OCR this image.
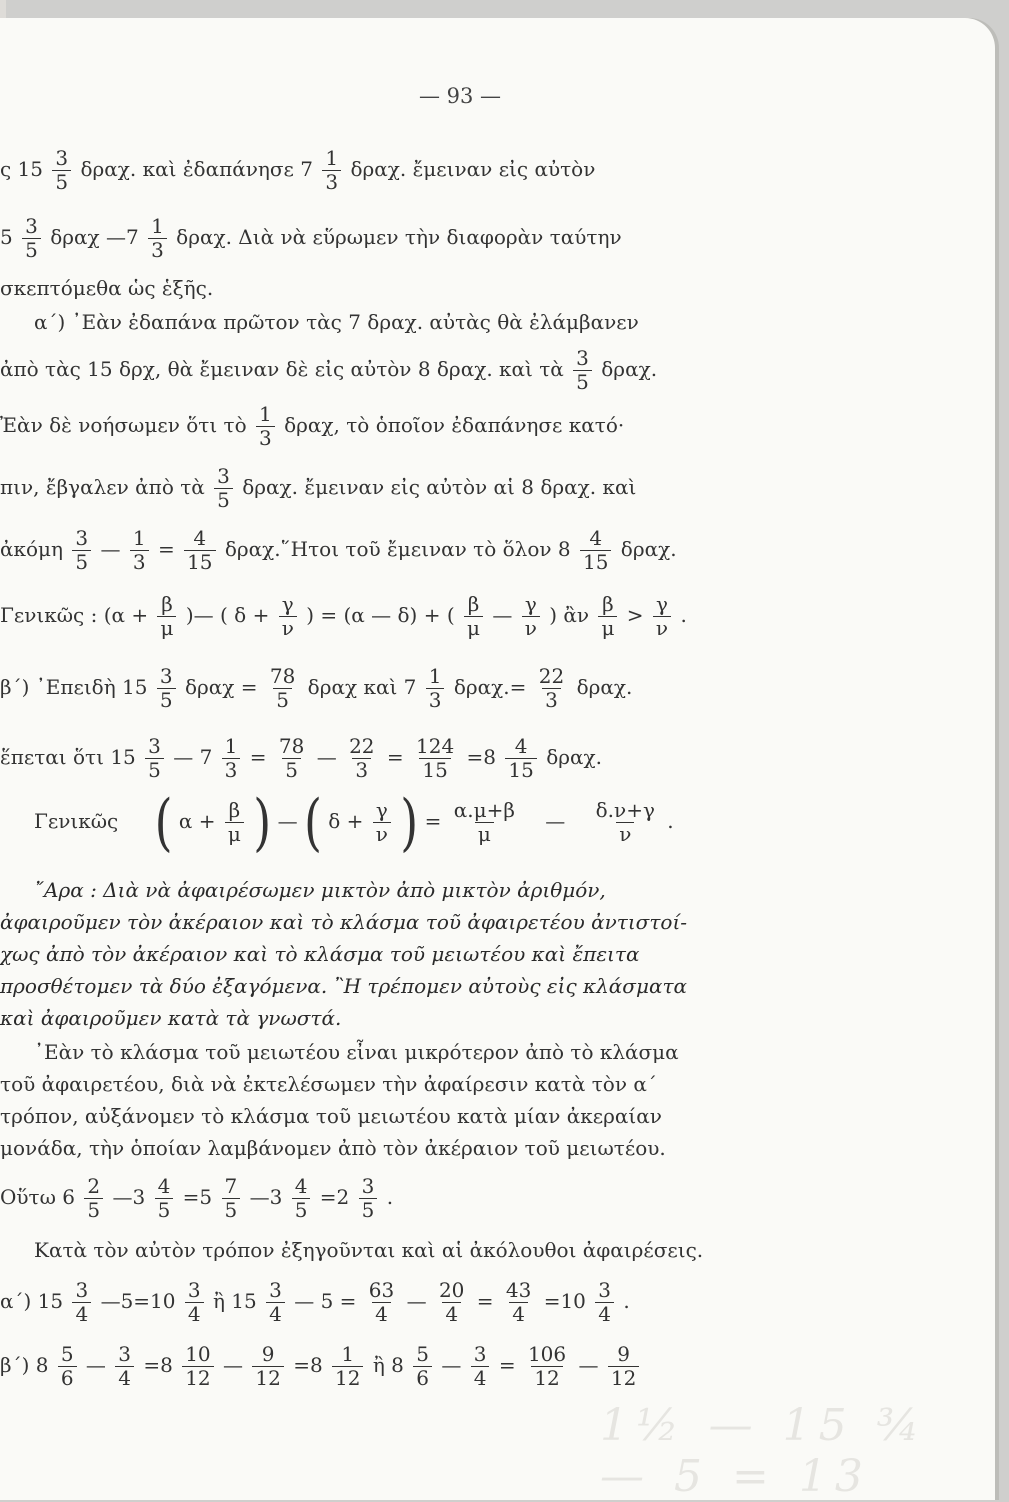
— 93 —
ς $15 \frac{3}{5} \delta\rho\alpha\chi$. καὶ ἐδαπάνησε $7 \frac{1}{3} \delta\rho\alpha\chi$. ἔμειναν εἰς αὐτὸν
$5 \frac{3}{5}$ δραχ —7 $\frac{1}{3} \delta\rho\alpha\chi$. Διὰ νὰ εὕρωμεν τὴν διαφορὰν ταύτην
σκεπτόμεθα ὡς ἑξῆς.
α΄) ᾿Εὰν ἐδαπάνα πρῶτον τὰς 7 δραχ. αὐτὰς θὰ ἐλάμβανεν
ἀπὸ τὰς 15 δρχ, θὰ ἔμειναν δὲ εἰς αὐτὸν 8 δραχ. καὶ τὰ $\frac{3}{5} \delta\rho\alpha\chi$.
Ἐὰν δὲ νοήσωμεν ὅτι τὸ $\frac{1}{3} \delta\rho\alpha\chi$, τὸ ὁποῖον ἐδαπάνησε κατό·
πιν, ἔβγαλεν ἀπὸ τὰ $\frac{3}{5} \delta\rho\alpha\chi$. ἔμειναν εἰς αὐτὸν αἱ 8 δραχ. καὶ
ἀκόμη $\frac{3}{5}$ — $\frac{1}{3} = \frac{4}{15}$ δραχ.῞Ητοι τοῦ ἔμειναν τὸ ὅλον $8 \frac{4}{15} \delta\rho\alpha\chi$.
Γενικῶς : ($\alpha + \frac{\beta}{\mu}$ )— ( $\delta + \frac{\gamma}{\nu}$ ) = (α — δ) + ( $\frac{\beta}{\mu}$ — $\frac{\gamma}{\nu}$ ) ἂν $\frac{\beta}{\mu} > \frac{\gamma}{\nu}$ .
β΄) ᾿Επειδὴ $15 \frac{3}{5}$ $\delta\rho\alpha\chi = \frac{78}{5}$ δραχ καὶ $7 \frac{1}{3} \delta\rho\alpha\chi.= \frac{22}{3} \delta\rho\alpha\chi$.
ἕπεται ὅτι $15 \frac{3}{5}$ — $7 \frac{1}{3} = \frac{78}{5}$ — $\frac{22}{3} = \frac{124}{15} =8 \frac{4}{15} \delta\rho\alpha\chi$.
Γενικῶς ( $\alpha + \frac{\beta}{\mu}$ ) — ( $\delta + \frac{\gamma}{\nu}$ ) = $\frac{\alpha.\mu+\beta}{\mu}$ — $\frac{\delta.\nu+\gamma}{\nu}$ .
῎Αρα : Διὰ νὰ ἀφαιρέσωμεν μικτὸν ἀπὸ μικτὸν ἀριθμόν,
ἀφαιροῦμεν τὸν ἀκέραιον καὶ τὸ κλάσμα τοῦ ἀφαιρετέου ἀντιστοί-
χως ἀπὸ τὸν ἀκέραιον καὶ τὸ κλάσμα τοῦ μειωτέου καὶ ἔπειτα
προσθέτομεν τὰ δύο ἐξαγόμενα. ῍Η τρέπομεν αὐτοὺς εἰς κλάσματα
καὶ ἀφαιροῦμεν κατὰ τὰ γνωστά.
᾿Εὰν τὸ κλάσμα τοῦ μειωτέου εἶναι μικρότερον ἀπὸ τὸ κλάσμα
τοῦ ἀφαιρετέου, διὰ νὰ ἐκτελέσωμεν τὴν ἀφαίρεσιν κατὰ τὸν α΄
τρόπον, αὐξάνομεν τὸ κλάσμα τοῦ μειωτέου κατὰ μίαν ἀκεραίαν
μονάδα, τὴν ὁποίαν λαμβάνομεν ἀπὸ τὸν ἀκέραιον τοῦ μειωτέου.
Οὕτω $6 \frac{2}{5}$ —3 $\frac{4}{5} =5 \frac{7}{5}$ —3 $\frac{4}{5} =2 \frac{3}{5}$ .
Κατὰ τὸν αὐτὸν τρόπον ἐξηγοῦνται καὶ αἱ ἀκόλουθοι ἀφαιρέσεις.
α΄) $15 \frac{3}{4}$ —5=10 $\frac{3}{4}$ ἢ $15 \frac{3}{4}$ — $5 = \frac{63}{4}$ — $\frac{20}{4} = \frac{43}{4} =10 \frac{3}{4}$ .
β΄) $8 \frac{5}{6}$ — $\frac{3}{4} =8 \frac{10}{12}$ — $\frac{9}{12} =8 \frac{1}{12}$ ἢ $8 \frac{5}{6}$ — $\frac{3}{4} = \frac{106}{12}$ — $\frac{9}{12}$
1½ — 15 ¾ — 5 = 13
